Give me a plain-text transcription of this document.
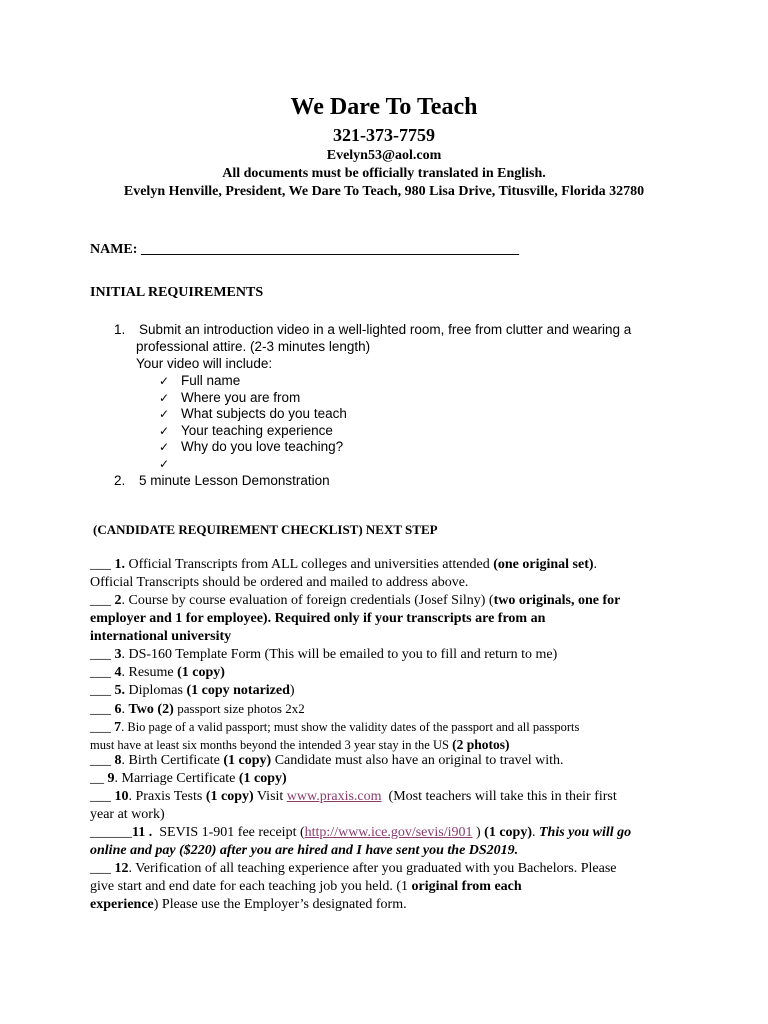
We Dare To Teach
321-373-7759
Evelyn53@aol.com
All documents must be officially translated in English.
Evelyn Henville, President, We Dare To Teach, 980 Lisa Drive, Titusville, Florida 32780
NAME: ______________________________________________________
INITIAL REQUIREMENTS
1. Submit an introduction video in a well-lighted room, free from clutter and wearing a
professional attire. (2-3 minutes length)
Your video will include:
✓ Full name
✓ Where you are from
✓ What subjects do you teach
✓ Your teaching experience
✓ Why do you love teaching?
✓
2. 5 minute Lesson Demonstration
(CANDIDATE REQUIREMENT CHECKLIST) NEXT STEP
___ 1. Official Transcripts from ALL colleges and universities attended (one original set).
Official Transcripts should be ordered and mailed to address above.
___ 2. Course by course evaluation of foreign credentials (Josef Silny) (two originals, one for
employer and 1 for employee). Required only if your transcripts are from an
international university
___ 3. DS-160 Template Form (This will be emailed to you to fill and return to me)
___ 4. Resume (1 copy)
___ 5. Diplomas (1 copy notarized)
___ 6. Two (2) passport size photos 2x2
___ 7. Bio page of a valid passport; must show the validity dates of the passport and all passports
must have at least six months beyond the intended 3 year stay in the US (2 photos)
___ 8. Birth Certificate (1 copy) Candidate must also have an original to travel with.
__ 9. Marriage Certificate (1 copy)
___ 10. Praxis Tests (1 copy) Visit www.praxis.com (Most teachers will take this in their first
year at work)
______11 . SEVIS 1-901 fee receipt (http://www.ice.gov/sevis/i901 ) (1 copy). This you will go
online and pay ($220) after you are hired and I have sent you the DS2019.
___ 12. Verification of all teaching experience after you graduated with you Bachelors. Please
give start and end date for each teaching job you held. (1 original from each
experience) Please use the Employer’s designated form.
